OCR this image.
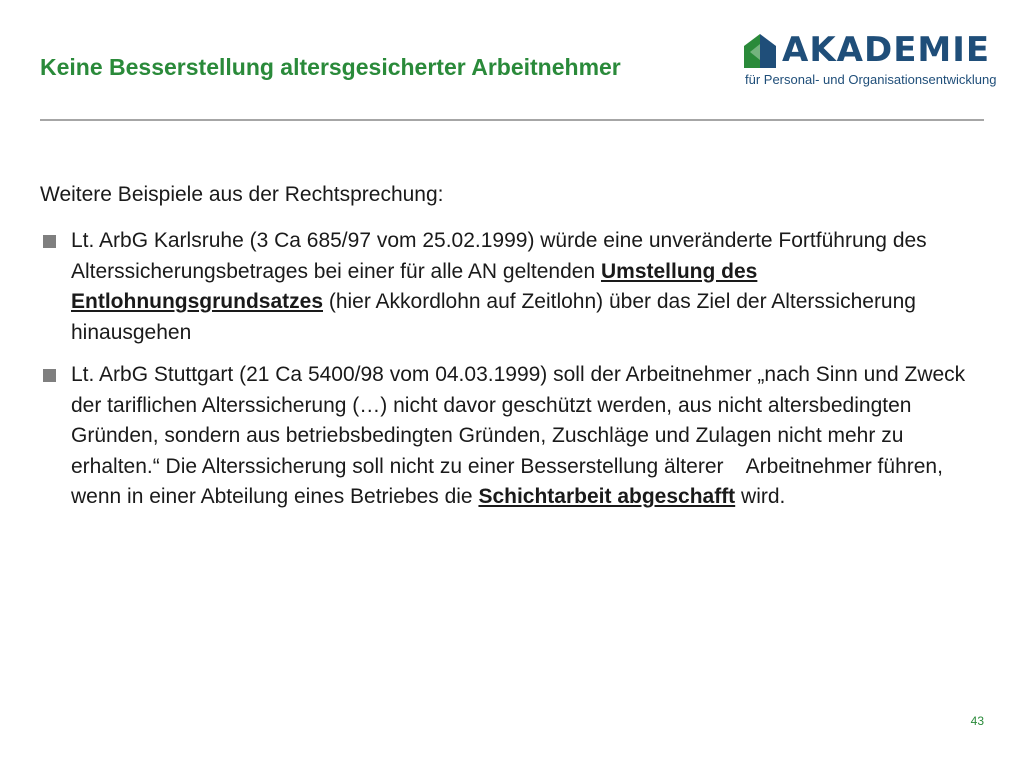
Keine Besserstellung altersgesicherter Arbeitnehmer	AKADEMIE
für Personal- und Organisationsentwicklung

Weitere Beispiele aus der Rechtsprechung:

Lt. ArbG Karlsruhe (3 Ca 685/97 vom 25.02.1999) würde eine unveränderte Fortführung des Alterssicherungsbetrages bei einer für alle AN geltenden Umstellung des Entlohnungsgrundsatzes (hier Akkordlohn auf Zeitlohn) über das Ziel der Alterssicherung hinausgehen
Lt. ArbG Stuttgart (21 Ca 5400/98 vom 04.03.1999) soll der Arbeitnehmer „nach Sinn und Zweck der tariflichen Alterssicherung (…) nicht davor geschützt werden, aus nicht altersbedingten Gründen, sondern aus betriebsbedingten Gründen, Zuschläge und Zulagen nicht mehr zu erhalten.“ Die Alterssicherung soll nicht zu einer Besserstellung älterer    Arbeitnehmer führen, wenn in einer Abteilung eines Betriebes die Schichtarbeit abgeschafft wird.
43
